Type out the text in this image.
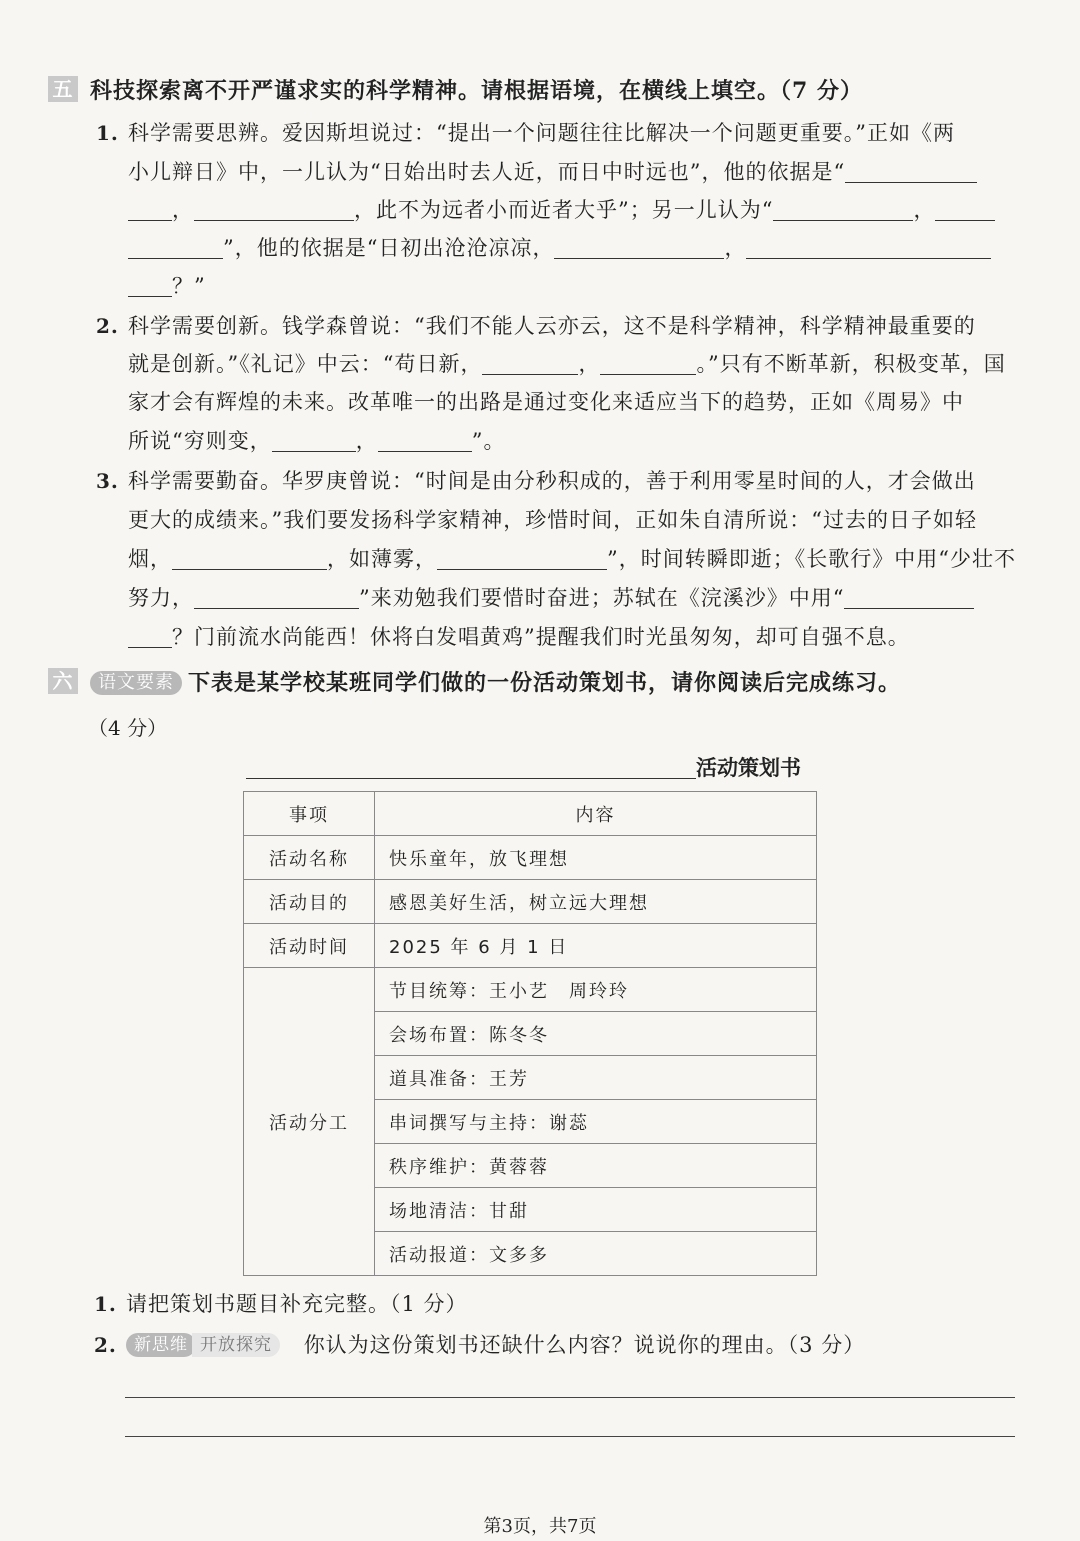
五 科技探索离不开严谨求实的科学精神。请根据语境，在横线上填空。（7 分）
1. 科学需要思辨。爱因斯坦说过：“提出一个问题往往比解决一个问题更重要。”正如《两
小儿辩日》中，一儿认为“日始出时去人近，而日中时远也”，他的依据是“
，	，此不为远者小而近者大乎”；另一儿认为“	，
”，他的依据是“日初出沧沧凉凉，	，
？”
2. 科学需要创新。钱学森曾说：“我们不能人云亦云，这不是科学精神，科学精神最重要的
就是创新。”《礼记》中云：“苟日新，	，	。”只有不断革新，积极变革，国
家才会有辉煌的未来。改革唯一的出路是通过变化来适应当下的趋势，正如《周易》中
所说“穷则变，	，	”。
3. 科学需要勤奋。华罗庚曾说：“时间是由分秒积成的，善于利用零星时间的人，才会做出
更大的成绩来。”我们要发扬科学家精神，珍惜时间，正如朱自清所说：“过去的日子如轻
烟，	，如薄雾，	”，时间转瞬即逝；《长歌行》中用“少壮不
努力，	”来劝勉我们要惜时奋进；苏轼在《浣溪沙》中用“
？门前流水尚能西！休将白发唱黄鸡”提醒我们时光虽匆匆，却可自强不息。
六 语文要素 下表是某学校某班同学们做的一份活动策划书，请你阅读后完成练习。
（4 分）
活动策划书
事项	内容
活动名称	快乐童年，放飞理想
活动目的	感恩美好生活，树立远大理想
活动时间	2025 年 6 月 1 日
活动分工	节目统筹：王小艺　周玲玲
	会场布置：陈冬冬
	道具准备：王芳
	串词撰写与主持：谢蕊
	秩序维护：黄蓉蓉
	场地清洁：甘甜
	活动报道：文多多
1. 请把策划书题目补充完整。（1 分）
2. 新思维 开放探究 你认为这份策划书还缺什么内容？说说你的理由。（3 分）
第3页，共7页
